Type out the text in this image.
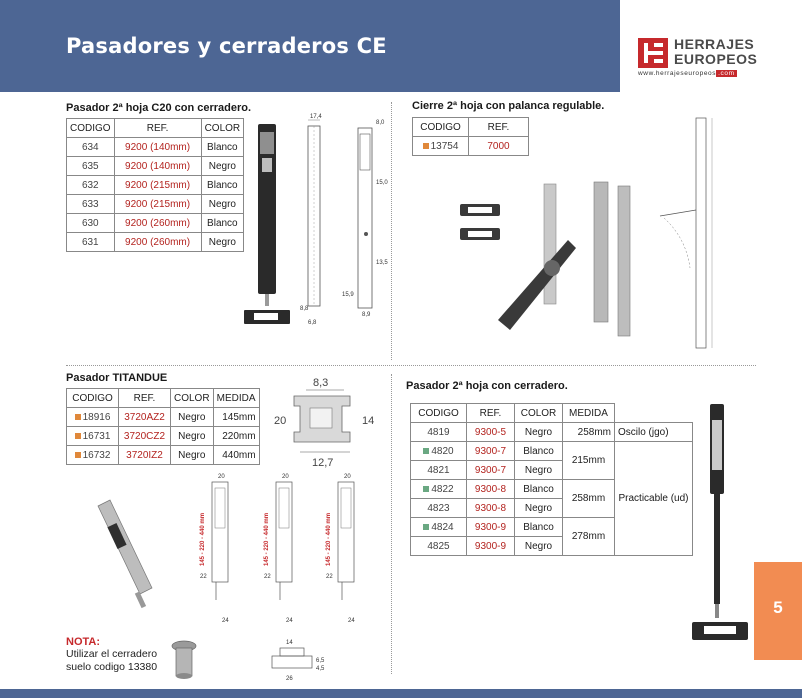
Pasadores y cerraderos CE	HERRAJES
EUROPEOS
www.herrajeseuropeos .com
Pasador 2ª hoja C20 con cerradero.
CODIGO	REF.	COLOR
634	9200 (140mm)	Blanco
635	9200 (140mm)	Negro
632	9200 (215mm)	Blanco
633	9200 (215mm)	Negro
630	9200 (260mm)	Blanco
631	9200 (260mm)	Negro
17,4
8,8
6,8
15,9
8,9
8,0
15,0
13,5
Cierre 2ª hoja con palanca regulable.
CODIGO	REF.
13754	7000
Pasador TITANDUE
CODIGO	REF.	COLOR	MEDIDA
18916	3720AZ2	Negro	145mm
16731	3720CZ2	Negro	220mm
16732	3720IZ2	Negro	440mm
8,3
20	14
12,7
20
145 - 220 - 440 mm
22
24
20
145 - 220 - 440 mm
22
24
20
145 - 220 - 440 mm
22
24
NOTA:
Utilizar el cerradero suelo codigo 13380
14
6,5
4,5
26
Pasador 2ª hoja con cerradero.
CODIGO	REF.	COLOR	MEDIDA	
4819	9300-5	Negro	258mm	Oscilo (jgo)
4820	9300-7	Blanco	215mm	Practicable (ud)
4821	9300-7	Negro		
4822	9300-8	Blanco	258mm	
4823	9300-8	Negro		
4824	9300-9	Blanco	278mm	
4825	9300-9	Negro		
5
